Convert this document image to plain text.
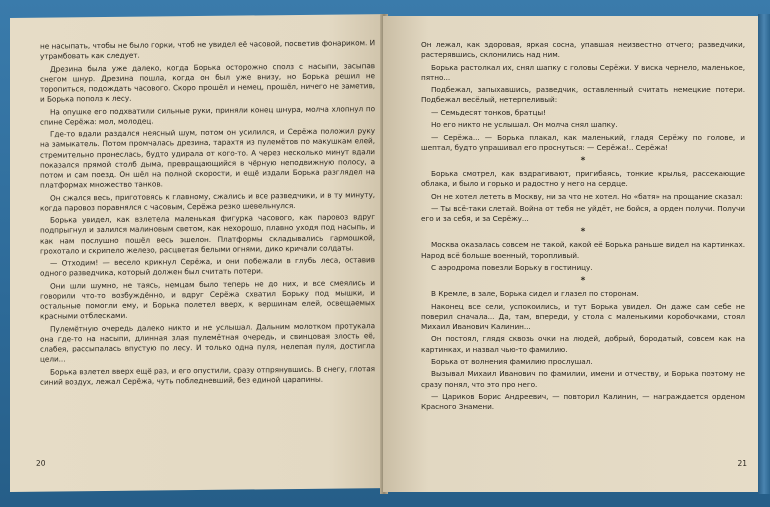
не насыпать, чтобы не было горки, чтоб не увидел её часовой, посветив фонариком. И утрамбовать как следует.

Дрезина была уже далеко, когда Борька осторожно сполз с насыпи, засыпав снегом шнур. Дрезина пошла, когда он был уже внизу, но Борька решил не торопиться, подождать часового. Скоро прошёл и немец, прошёл, ничего не заметив, и Борька пополз к лесу.

На опушке его подхватили сильные руки, приняли конец шнура, молча хлопнул по спине Серёжа: мол, молодец.

Где-то вдали раздался неясный шум, потом он усилился, и Серёжа положил руку на замыкатель. Потом промчалась дрезина, тарахтя из пулемётов по макушкам елей, стремительно пронеслась, будто удирала от кого-то. А через несколько минут вдали показался прямой столб дыма, превращающийся в чёрную неподвижную полосу, а потом и сам поезд. Он шёл на полной скорости, и ещё издали Борька разглядел на платформах множество танков.

Он сжался весь, приготовясь к главному, сжались и все разведчики, и в ту минуту, когда паровоз поравнялся с часовым, Серёжа резко шевельнулся.

Борька увидел, как взлетела маленькая фигурка часового, как паровоз вдруг подпрыгнул и залился малиновым светом, как нехорошо, плавно уходя под насыпь, и как нам послушно пошёл весь эшелон. Платформы складывались гармошкой, грохотало и скрипело железо, расцветая белыми огнями, дико кричали солдаты.

— Отходим! — весело крикнул Серёжа, и они побежали в глубь леса, оставив одного разведчика, который должен был считать потери.

Они шли шумно, не таясь, немцам было теперь не до них, и все смеялись и говорили что-то возбуждённо, и вдруг Серёжа схватил Борьку под мышки, и остальные помогли ему, и Борька полетел вверх, к вершинам елей, освещаемых красными отблесками.

Пулемётную очередь далеко никто и не услышал. Дальним молотком протукала она где-то на насыпи, длинная злая пулемётная очередь, и свинцовая злость её, слабея, рассыпалась впустую по лесу. И только одна пуля, нелепая пуля, достигла цели...

Борька взлетел вверх ещё раз, и его опустили, сразу отпрянувшись. В снегу, глотая синий воздух, лежал Серёжа, чуть побледневший, без единой царапины.

20

Он лежал, как здоровая, яркая сосна, упавшая неизвестно отчего; разведчики, растерявшись, склонились над ним.

Борька растолкал их, снял шапку с головы Серёжи. У виска чернело, маленькое, пятно...

Подбежал, запыхавшись, разведчик, оставленный считать немецкие потери. Подбежал весёлый, нетерпеливый:

— Семьдесят тонков, братцы!

Но его никто не услышал. Он молча снял шапку.

— Серёжа... — Борька плакал, как маленький, гладя Серёжу по голове, и шептал, будто упрашивал его проснуться: — Серёжа!.. Серёжа!

*

Борька смотрел, как вздрагивают, пригибаясь, тонкие крылья, рассекающие облака, и было и горько и радостно у него на сердце.

Он не хотел лететь в Москву, ни за что не хотел. Но «батя» на прощание сказал:

— Ты всё-таки слетай. Война от тебя не уйдёт, не бойся, а орден получи. Получи его и за себя, и за Серёжу...

*

Москва оказалась совсем не такой, какой её Борька раньше видел на картинках. Народ всё больше военный, торопливый.

С аэродрома повезли Борьку в гостиницу.

*

В Кремле, в зале, Борька сидел и глазел по сторонам.

Наконец все сели, успокоились, и тут Борька увидел. Он даже сам себе не поверил сначала... Да, там, впереди, у стола с маленькими коробочками, стоял Михаил Иванович Калинин...

Он постоял, глядя сквозь очки на людей, добрый, бородатый, совсем как на картинках, и назвал чью-то фамилию.

Борька от волнения фамилию прослушал.

Вызывал Михаил Иванович по фамилии, имени и отчеству, и Борька поэтому не сразу понял, что это про него.

— Цариков Борис Андреевич, — повторил Калинин, — награждается орденом Красного Знамени.

21
